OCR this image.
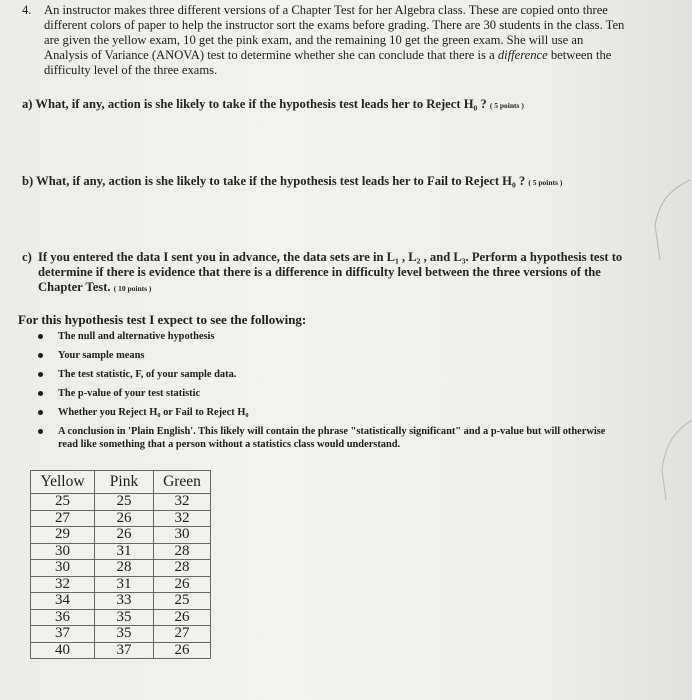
4. An instructor makes three different versions of a Chapter Test for her Algebra class. These are copied onto three different colors of paper to help the instructor sort the exams before grading. There are 30 students in the class. Ten are given the yellow exam, 10 get the pink exam, and the remaining 10 get the green exam. She will use an Analysis of Variance (ANOVA) test to determine whether she can conclude that there is a difference between the difficulty level of the three exams.
a) What, if any, action is she likely to take if the hypothesis test leads her to Reject H₀ ? ( 5 points )
b) What, if any, action is she likely to take if the hypothesis test leads her to Fail to Reject H₀ ? ( 5 points )
c) If you entered the data I sent you in advance, the data sets are in L₁ , L₂ , and L₃. Perform a hypothesis test to determine if there is evidence that there is a difference in difficulty level between the three versions of the Chapter Test. ( 10 points )
For this hypothesis test I expect to see the following:
The null and alternative hypothesis
Your sample means
The test statistic, F, of your sample data.
The p-value of your test statistic
Whether you Reject H₀ or Fail to Reject H₀
A conclusion in 'Plain English'. This likely will contain the phrase "statistically significant" and a p-value but will otherwise read like something that a person without a statistics class would understand.
Yellow	Pink	Green
25	25	32
27	26	32
29	26	30
30	31	28
30	28	28
32	31	26
34	33	25
36	35	26
37	35	27
40	37	26
